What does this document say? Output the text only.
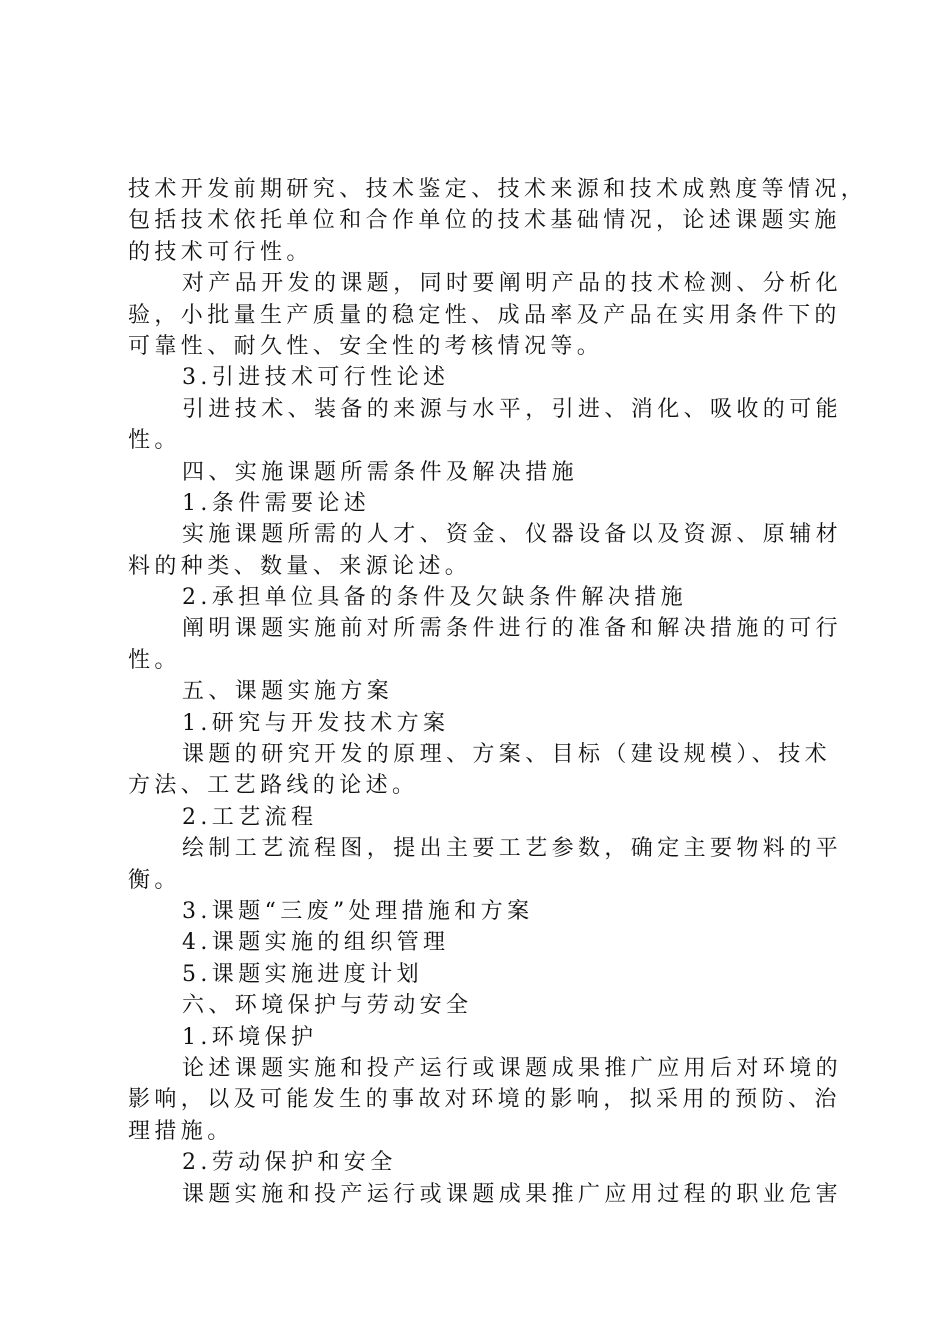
技术开发前期研究、技术鉴定、技术来源和技术成熟度等情况，
包括技术依托单位和合作单位的技术基础情况，论述课题实施
的技术可行性。
对产品开发的课题，同时要阐明产品的技术检测、分析化
验，小批量生产质量的稳定性、成品率及产品在实用条件下的
可靠性、耐久性、安全性的考核情况等。
3.引进技术可行性论述
引进技术、装备的来源与水平，引进、消化、吸收的可能
性。
四、实施课题所需条件及解决措施
1.条件需要论述
实施课题所需的人才、资金、仪器设备以及资源、原辅材
料的种类、数量、来源论述。
2.承担单位具备的条件及欠缺条件解决措施
阐明课题实施前对所需条件进行的准备和解决措施的可行
性。
五、课题实施方案
1.研究与开发技术方案
课题的研究开发的原理、方案、目标（建设规模）、技术
方法、工艺路线的论述。
2.工艺流程
绘制工艺流程图，提出主要工艺参数，确定主要物料的平
衡。
3.课题“三废”处理措施和方案
4.课题实施的组织管理
5.课题实施进度计划
六、环境保护与劳动安全
1.环境保护
论述课题实施和投产运行或课题成果推广应用后对环境的
影响，以及可能发生的事故对环境的影响，拟采用的预防、治
理措施。
2.劳动保护和安全
课题实施和投产运行或课题成果推广应用过程的职业危害
